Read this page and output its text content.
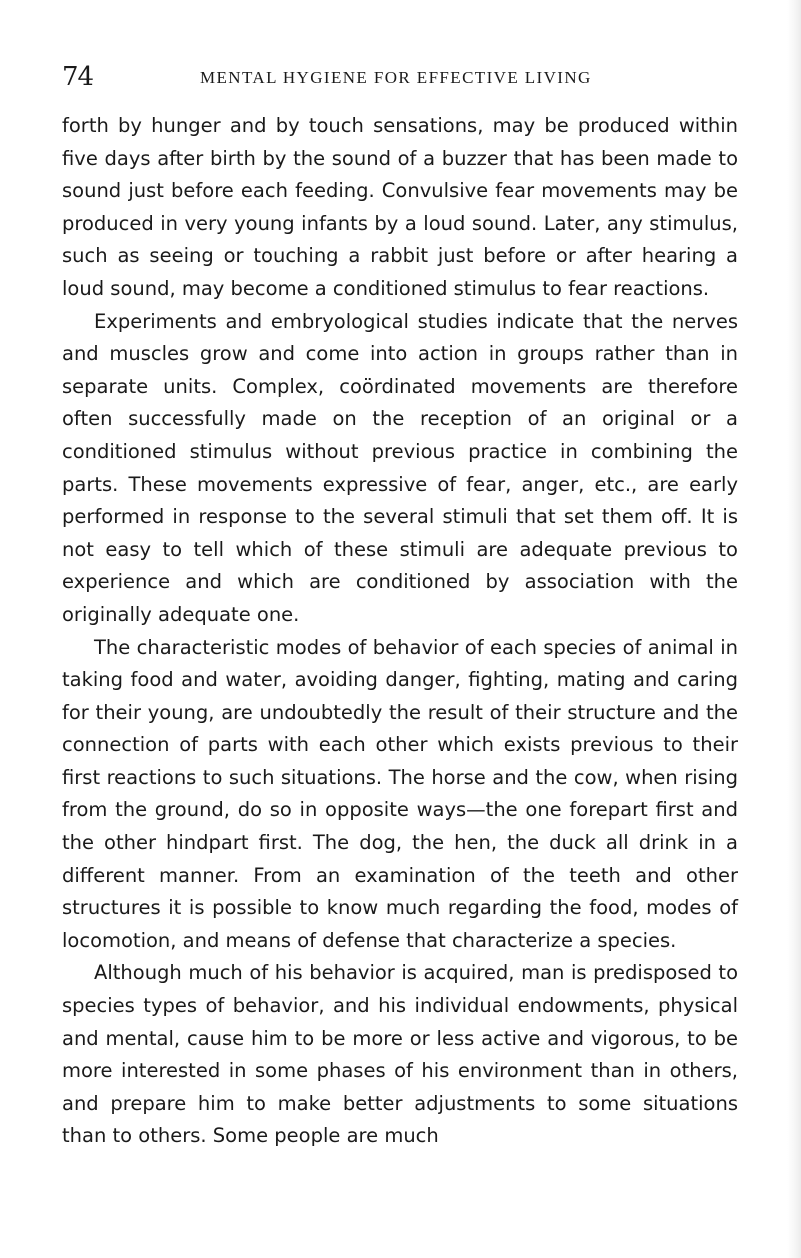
74	MENTAL HYGIENE FOR EFFECTIVE LIVING

forth by hunger and by touch sensations, may be produced within five days after birth by the sound of a buzzer that has been made to sound just before each feeding. Convulsive fear movements may be produced in very young infants by a loud sound. Later, any stimulus, such as seeing or touching a rabbit just before or after hearing a loud sound, may become a conditioned stimulus to fear reactions.

Experiments and embryological studies indicate that the nerves and muscles grow and come into action in groups rather than in separate units. Complex, coördinated movements are therefore often successfully made on the reception of an original or a conditioned stimulus without previous practice in combining the parts. These movements expressive of fear, anger, etc., are early performed in response to the several stimuli that set them off. It is not easy to tell which of these stimuli are adequate previous to experience and which are conditioned by association with the originally adequate one.

The characteristic modes of behavior of each species of animal in taking food and water, avoiding danger, fighting, mating and caring for their young, are undoubtedly the result of their structure and the connection of parts with each other which exists previous to their first reactions to such situations. The horse and the cow, when rising from the ground, do so in opposite ways—the one forepart first and the other hindpart first. The dog, the hen, the duck all drink in a different manner. From an examination of the teeth and other structures it is possible to know much regarding the food, modes of locomotion, and means of defense that characterize a species.

Although much of his behavior is acquired, man is predisposed to species types of behavior, and his individual endowments, physical and mental, cause him to be more or less active and vigorous, to be more interested in some phases of his environment than in others, and prepare him to make better adjustments to some situations than to others. Some people are much
